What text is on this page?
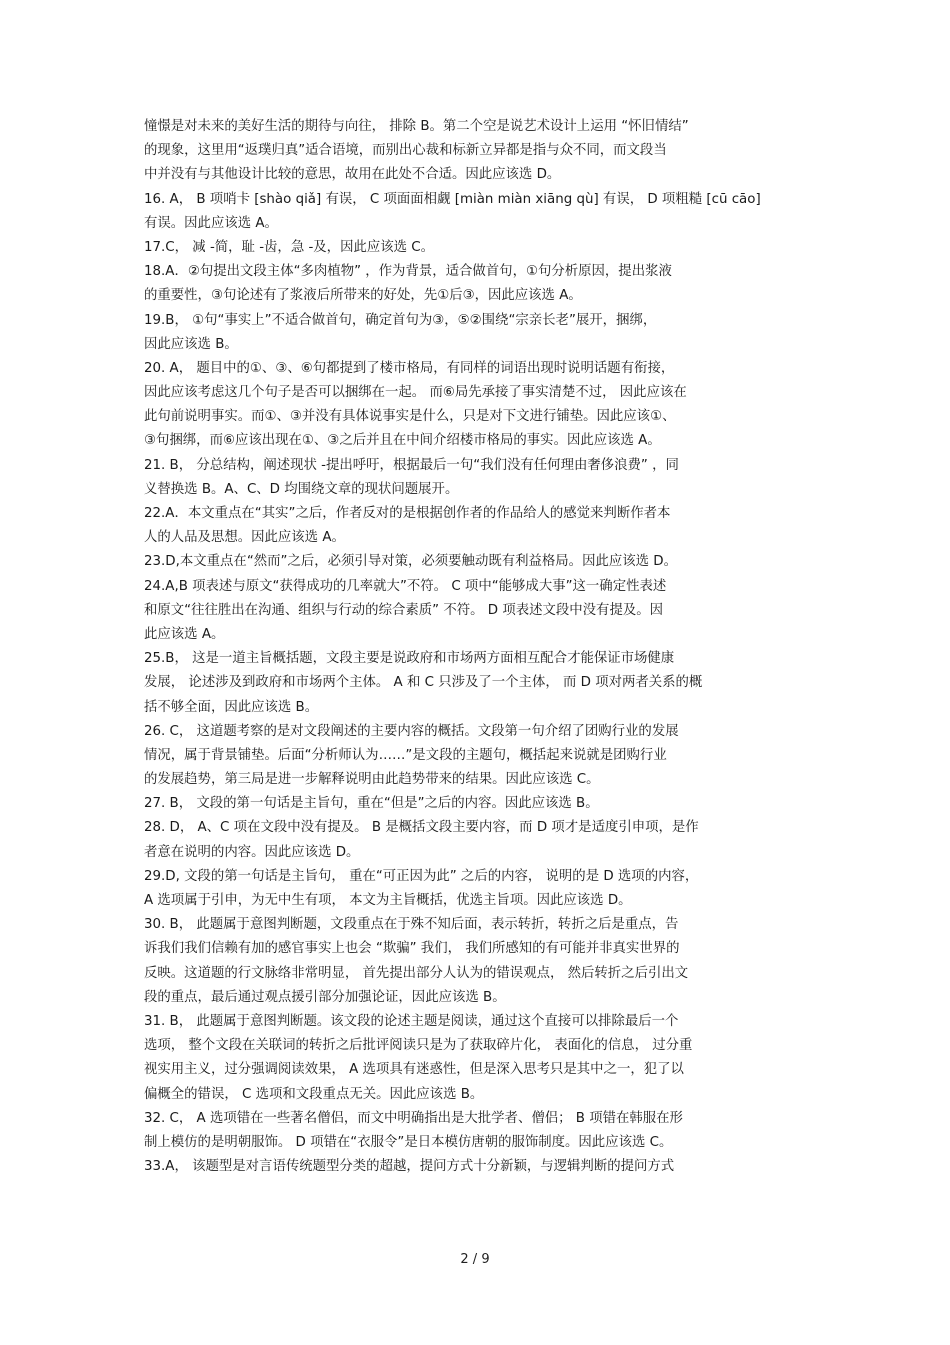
憧憬是对未来的美好生活的期待与向往， 排除 B。第二个空是说艺术设计上运用 “怀旧情结”
的现象，这里用“返璞归真”适合语境，而别出心裁和标新立异都是指与众不同，而文段当
中并没有与其他设计比较的意思，故用在此处不合适。因此应该选 D。
16. A， B 项哨卡 [shào qiǎ] 有误， C 项面面相觑 [miàn miàn xiāng qù] 有误， D 项粗糙 [cū cāo]
有误。因此应该选 A。
17.C， 减 -简，耻 -齿，急 -及，因此应该选 C。
18.A．②句提出文段主体“多肉植物” ，作为背景，适合做首句，①句分析原因，提出浆液
的重要性，③句论述有了浆液后所带来的好处，先①后③，因此应该选 A。
19.B， ①句“事实上”不适合做首句，确定首句为③，⑤②围绕“宗亲长老”展开，捆绑，
因此应该选 B。
20. A， 题目中的①、③、⑥句都提到了楼市格局，有同样的词语出现时说明话题有衔接，
因此应该考虑这几个句子是否可以捆绑在一起。 而⑥局先承接了事实清楚不过， 因此应该在
此句前说明事实。而①、③并没有具体说事实是什么，只是对下文进行铺垫。因此应该①、
③句捆绑，而⑥应该出现在①、③之后并且在中间介绍楼市格局的事实。因此应该选 A。
21. B， 分总结构，阐述现状 -提出呼吁，根据最后一句“我们没有任何理由奢侈浪费” ，同
义替换选 B。A、C、D 均围绕文章的现状问题展开。
22.A．本文重点在“其实”之后，作者反对的是根据创作者的作品给人的感觉来判断作者本
人的人品及思想。因此应该选 A。
23.D,本文重点在“然而”之后，必须引导对策，必须要触动既有利益格局。因此应该选 D。
24.A,B 项表述与原文“获得成功的几率就大”不符。 C 项中“能够成大事”这一确定性表述
和原文“往往胜出在沟通、组织与行动的综合素质” 不符。 D 项表述文段中没有提及。因
此应该选 A。
25.B， 这是一道主旨概括题，文段主要是说政府和市场两方面相互配合才能保证市场健康
发展， 论述涉及到政府和市场两个主体。 A 和 C 只涉及了一个主体， 而 D 项对两者关系的概
括不够全面，因此应该选 B。
26. C， 这道题考察的是对文段阐述的主要内容的概括。文段第一句介绍了团购行业的发展
情况，属于背景铺垫。后面“分析师认为……”是文段的主题句，概括起来说就是团购行业
的发展趋势，第三局是进一步解释说明由此趋势带来的结果。因此应该选 C。
27. B， 文段的第一句话是主旨句，重在“但是”之后的内容。因此应该选 B。
28. D， A、C 项在文段中没有提及。 B 是概括文段主要内容，而 D 项才是适度引申项，是作
者意在说明的内容。因此应该选 D。
29.D, 文段的第一句话是主旨句， 重在“可正因为此” 之后的内容， 说明的是 D 选项的内容，
A 选项属于引申，为无中生有项， 本文为主旨概括，优选主旨项。因此应该选 D。
30. B， 此题属于意图判断题，文段重点在于殊不知后面，表示转折，转折之后是重点，告
诉我们我们信赖有加的感官事实上也会 “欺骗” 我们， 我们所感知的有可能并非真实世界的
反映。这道题的行文脉络非常明显， 首先提出部分人认为的错误观点， 然后转折之后引出文
段的重点，最后通过观点援引部分加强论证，因此应该选 B。
31. B， 此题属于意图判断题。该文段的论述主题是阅读，通过这个直接可以排除最后一个
选项， 整个文段在关联词的转折之后批评阅读只是为了获取碎片化， 表面化的信息， 过分重
视实用主义，过分强调阅读效果， A 选项具有迷惑性，但是深入思考只是其中之一，犯了以
偏概全的错误， C 选项和文段重点无关。因此应该选 B。
32. C， A 选项错在一些著名僧侣，而文中明确指出是大批学者、僧侣； B 项错在韩服在形
制上模仿的是明朝服饰。 D 项错在“衣服令”是日本模仿唐朝的服饰制度。因此应该选 C。
33.A， 该题型是对言语传统题型分类的超越，提问方式十分新颖，与逻辑判断的提问方式
2 / 9
